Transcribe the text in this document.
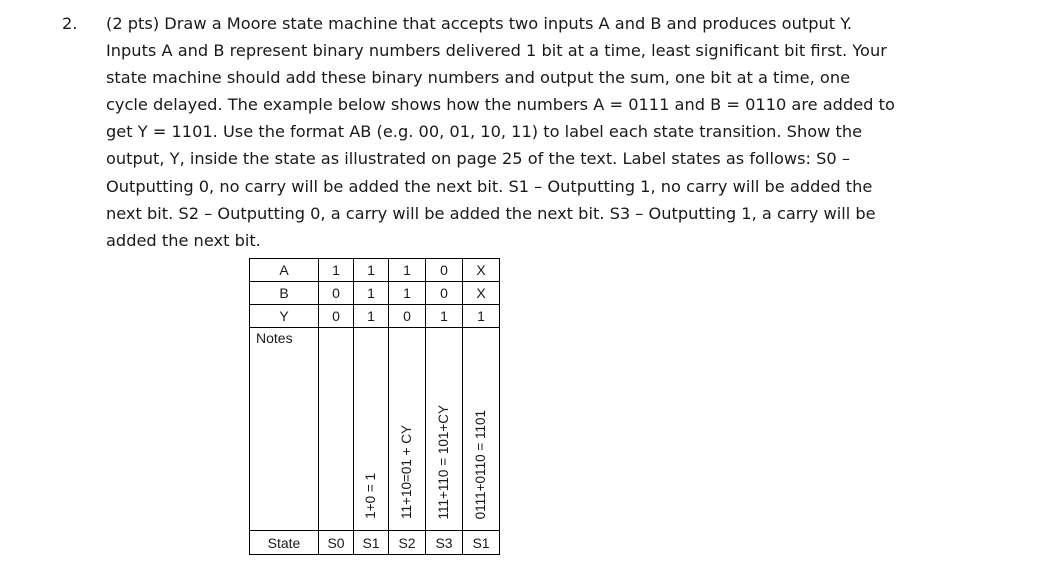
2. (2 pts) Draw a Moore state machine that accepts two inputs A and B and produces output Y.
Inputs A and B represent binary numbers delivered 1 bit at a time, least significant bit first. Your
state machine should add these binary numbers and output the sum, one bit at a time, one
cycle delayed. The example below shows how the numbers A = 0111 and B = 0110 are added to
get Y = 1101. Use the format AB (e.g. 00, 01, 10, 11) to label each state transition. Show the
output, Y, inside the state as illustrated on page 25 of the text. Label states as follows: S0 –
Outputting 0, no carry will be added the next bit. S1 – Outputting 1, no carry will be added the
next bit. S2 – Outputting 0, a carry will be added the next bit. S3 – Outputting 1, a carry will be
added the next bit.
A	1	1	1	0	X
B	0	1	1	0	X
Y	0	1	0	1	1
Notes		1+0 = 1	11+10=01 + CY	111+110 = 101+CY	0111+0110 = 1101
State	S0	S1	S2	S3	S1
